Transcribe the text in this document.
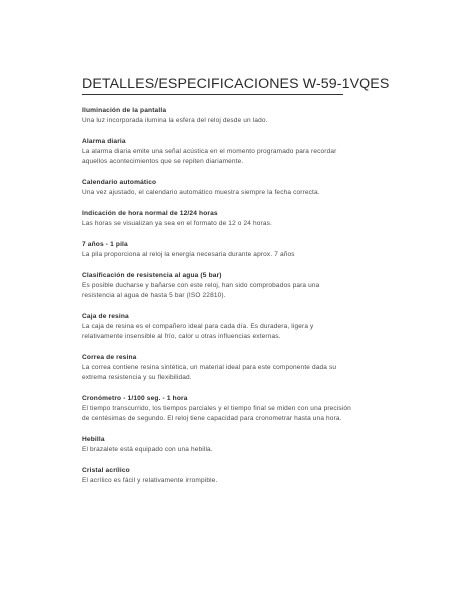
DETALLES/ESPECIFICACIONES W-59-1VQES
Iluminación de la pantalla
Una luz incorporada ilumina la esfera del reloj desde un lado.
Alarma diaria
La alarma diaria emite una señal acústica en el momento programado para recordar aquellos acontecimientos que se repiten diariamente.
Calendario automático
Una vez ajustado, el calendario automático muestra siempre la fecha correcta.
Indicación de hora normal de 12/24 horas
Las horas se visualizan ya sea en el formato de 12 o 24 horas.
7 años - 1 pila
La pila proporciona al reloj la energía necesaria durante aprox. 7 años
Clasificación de resistencia al agua (5 bar)
Es posible ducharse y bañarse con este reloj, han sido comprobados para una resistencia al agua de hasta 5 bar (ISO 22810).
Caja de resina
La caja de resina es el compañero ideal para cada día. Es duradera, ligera y relativamente insensible al frío, calor u otras influencias externas.
Correa de resina
La correa contiene resina sintética, un material ideal para este componente dada su extrema resistencia y su flexibilidad.
Cronómetro - 1/100 seg. - 1 hora
El tiempo transcurrido, los tiempos parciales y el tiempo final se miden con una precisión de centésimas de segundo. El reloj tiene capacidad para cronometrar hasta una hora.
Hebilla
El brazalete está equipado con una hebilla.
Cristal acrílico
El acrílico es fácil y relativamente irrompible.
